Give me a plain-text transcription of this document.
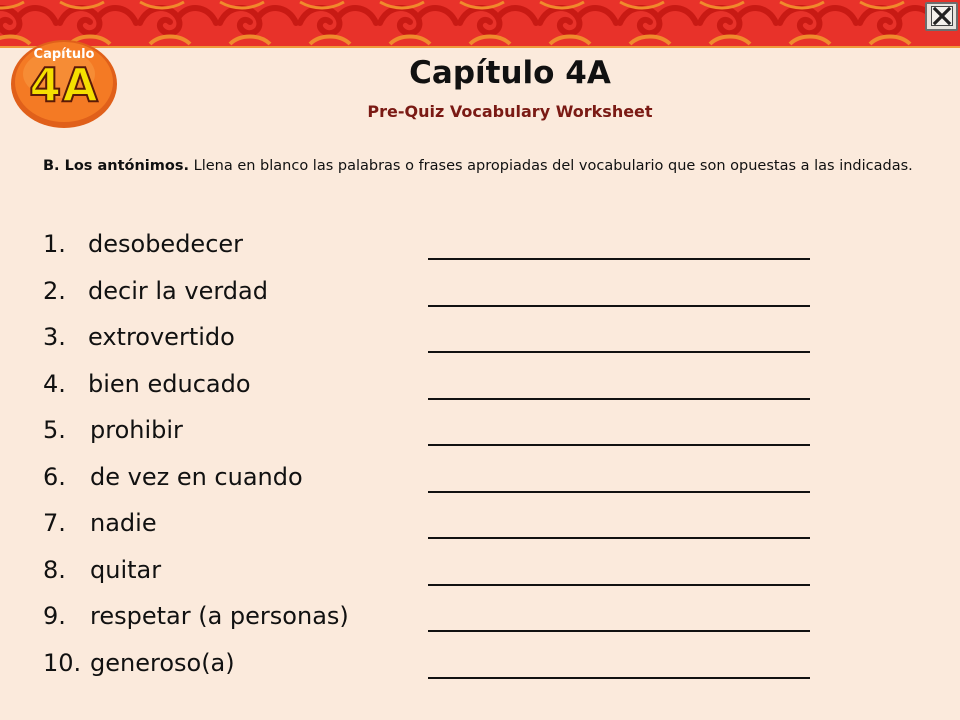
Capítulo
4A	Capítulo 4A
Pre-Quiz Vocabulary Worksheet
B. Los antónimos. Llena en blanco las palabras o frases apropiadas del vocabulario que son opuestas a las indicadas.
1. desobedecer
2. decir la verdad
3. extrovertido
4. bien educado
5. prohibir
6. de vez en cuando
7. nadie
8. quitar
9. respetar (a personas)
10. generoso(a)
